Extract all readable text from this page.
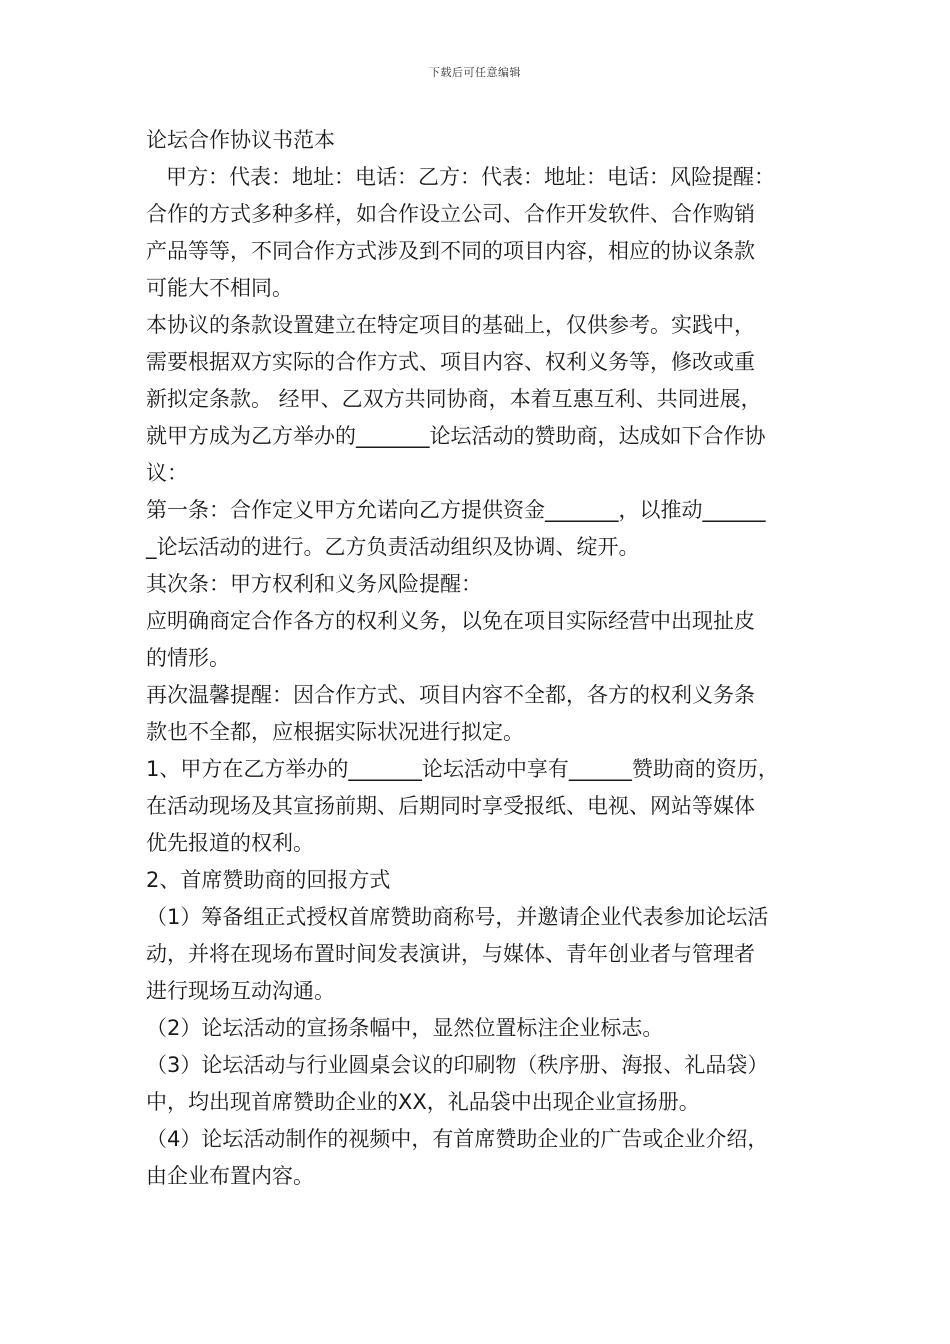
下载后可任意编辑
论坛合作协议书范本
甲方：代表：地址：电话：乙方：代表：地址：电话：风险提醒：
合作的方式多种多样，如合作设立公司、合作开发软件、合作购销
产品等等，不同合作方式涉及到不同的项目内容，相应的协议条款
可能大不相同。
本协议的条款设置建立在特定项目的基础上，仅供参考。实践中，
需要根据双方实际的合作方式、项目内容、权利义务等，修改或重
新拟定条款。 经甲、乙双方共同协商，本着互惠互利、共同进展，
就甲方成为乙方举办的_______论坛活动的赞助商，达成如下合作协
议：
第一条：合作定义甲方允诺向乙方提供资金_______，以推动______
_论坛活动的进行。乙方负责活动组织及协调、绽开。
其次条：甲方权利和义务风险提醒：
应明确商定合作各方的权利义务，以免在项目实际经营中出现扯皮
的情形。
再次温馨提醒：因合作方式、项目内容不全都，各方的权利义务条
款也不全都，应根据实际状况进行拟定。
1、甲方在乙方举办的_______论坛活动中享有______赞助商的资历，
在活动现场及其宣扬前期、后期同时享受报纸、电视、网站等媒体
优先报道的权利。
2、首席赞助商的回报方式
（1）筹备组正式授权首席赞助商称号，并邀请企业代表参加论坛活
动，并将在现场布置时间发表演讲，与媒体、青年创业者与管理者
进行现场互动沟通。
（2）论坛活动的宣扬条幅中，显然位置标注企业标志。
（3）论坛活动与行业圆桌会议的印刷物（秩序册、海报、礼品袋）
中，均出现首席赞助企业的XX，礼品袋中出现企业宣扬册。
（4）论坛活动制作的视频中，有首席赞助企业的广告或企业介绍，
由企业布置内容。
